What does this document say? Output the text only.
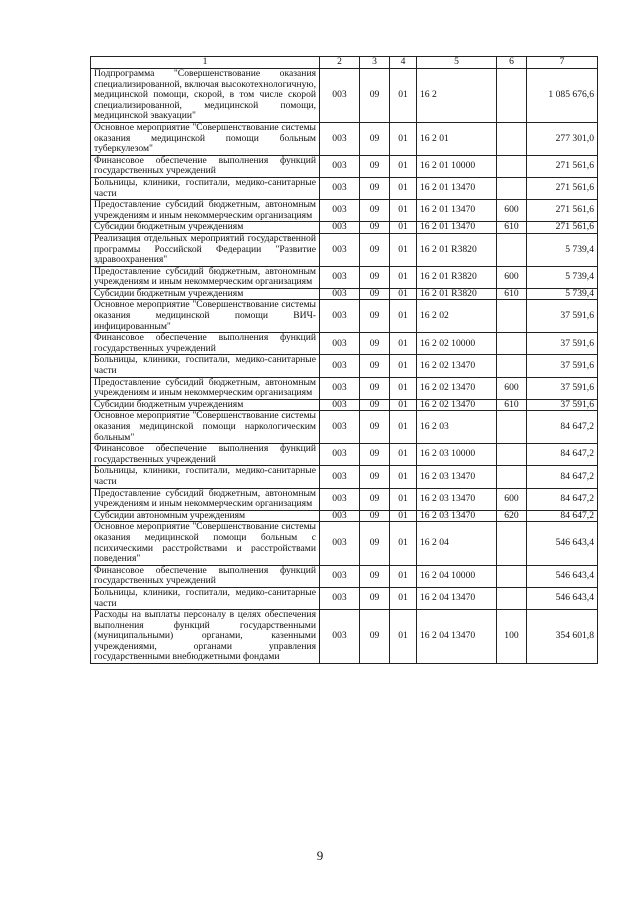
1	2	3	4	5	6	7
Подпрограмма "Совершенствование оказания специализированной, включая высокотехнологичную, медицинской помощи, скорой, в том числе скорой специализированной, медицинской помощи, медицинской эвакуации"	003	09	01	16 2		1 085 676,6
Основное мероприятие "Совершенствование системы оказания медицинской помощи больным туберкулезом"	003	09	01	16 2 01		277 301,0
Финансовое обеспечение выполнения функций государственных учреждений	003	09	01	16 2 01 10000		271 561,6
Больницы, клиники, госпитали, медико-санитарные части	003	09	01	16 2 01 13470		271 561,6
Предоставление субсидий бюджетным, автономным учреждениям и иным некоммерческим организациям	003	09	01	16 2 01 13470	600	271 561,6
Субсидии бюджетным учреждениям	003	09	01	16 2 01 13470	610	271 561,6
Реализация отдельных мероприятий государственной программы Российской Федерации "Развитие здравоохранения"	003	09	01	16 2 01 R3820		5 739,4
Предоставление субсидий бюджетным, автономным учреждениям и иным некоммерческим организациям	003	09	01	16 2 01 R3820	600	5 739,4
Субсидии бюджетным учреждениям	003	09	01	16 2 01 R3820	610	5 739,4
Основное мероприятие "Совершенствование системы оказания медицинской помощи ВИЧ-инфицированным"	003	09	01	16 2 02		37 591,6
Финансовое обеспечение выполнения функций государственных учреждений	003	09	01	16 2 02 10000		37 591,6
Больницы, клиники, госпитали, медико-санитарные части	003	09	01	16 2 02 13470		37 591,6
Предоставление субсидий бюджетным, автономным учреждениям и иным некоммерческим организациям	003	09	01	16 2 02 13470	600	37 591,6
Субсидии бюджетным учреждениям	003	09	01	16 2 02 13470	610	37 591,6
Основное мероприятие "Совершенствование системы оказания медицинской помощи наркологическим больным"	003	09	01	16 2 03		84 647,2
Финансовое обеспечение выполнения функций государственных учреждений	003	09	01	16 2 03 10000		84 647,2
Больницы, клиники, госпитали, медико-санитарные части	003	09	01	16 2 03 13470		84 647,2
Предоставление субсидий бюджетным, автономным учреждениям и иным некоммерческим организациям	003	09	01	16 2 03 13470	600	84 647,2
Субсидии автономным учреждениям	003	09	01	16 2 03 13470	620	84 647,2
Основное мероприятие "Совершенствование системы оказания медицинской помощи больным с психическими расстройствами и расстройствами поведения"	003	09	01	16 2 04		546 643,4
Финансовое обеспечение выполнения функций государственных учреждений	003	09	01	16 2 04 10000		546 643,4
Больницы, клиники, госпитали, медико-санитарные части	003	09	01	16 2 04 13470		546 643,4
Расходы на выплаты персоналу в целях обеспечения выполнения функций государственными (муниципальными) органами, казенными учреждениями, органами управления государственными внебюджетными фондами	003	09	01	16 2 04 13470	100	354 601,8
9
